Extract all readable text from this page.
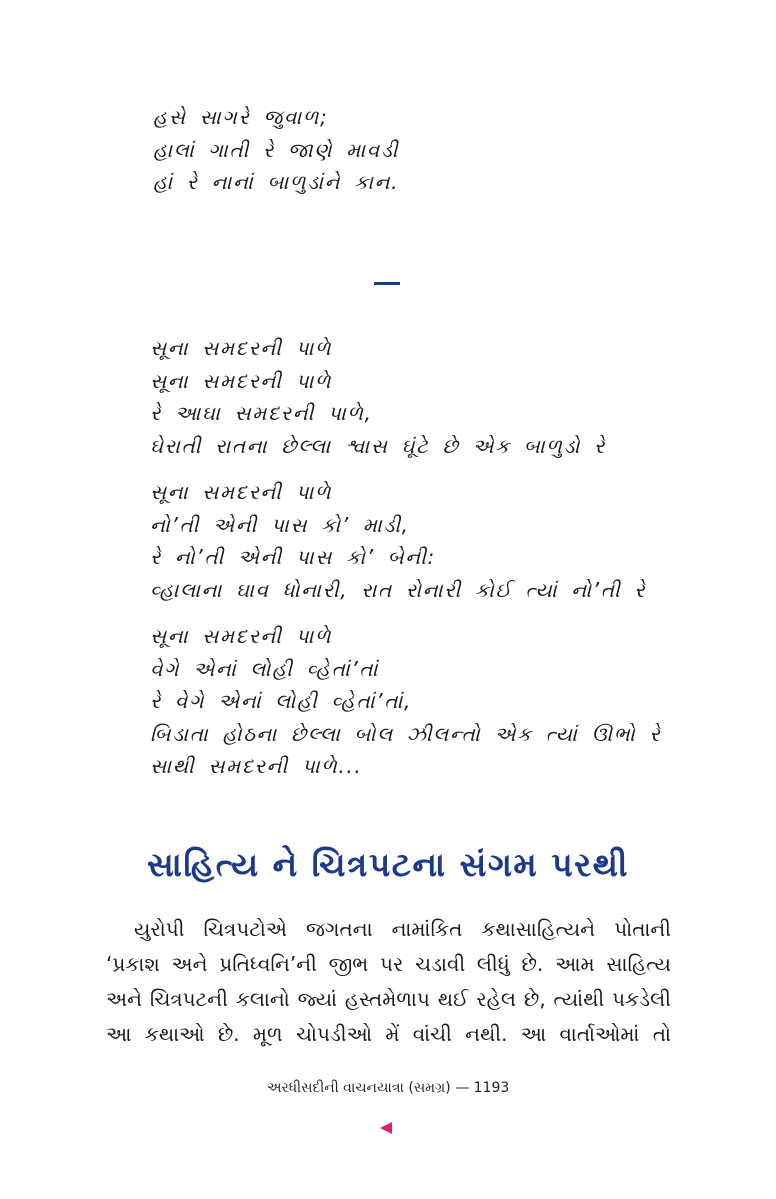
હસે સાગરે જુવાળ;
હાલાં ગાતી રે જાણે માવડી
હાં રે નાનાં બાળુડાંને કાન.
સૂના સમદરની પાળે
સૂના સમદરની પાળે
રે આઘા સમદરની પાળે,
ઘેરાતી રાતના છેલ્લા શ્વાસ ઘૂંટે છે એક બાળુડો રે
સૂના સમદરની પાળે
નો’તી એની પાસ કો’ માડી,
રે નો’તી એની પાસ કો’ બેની:
વ્હાલાના ઘાવ ધોનારી, રાત રોનારી કોઈ ત્યાં નો’તી રે
સૂના સમદરની પાળે
વેગે એનાં લોહી વ્હેતાં’તાં
રે વેગે એનાં લોહી વ્હેતાં’તાં,
બિડાતા હોઠના છેલ્લા બોલ ઝીલન્તો એક ત્યાં ઊભો રે
સાથી સમદરની પાળે...
સાહિત્ય ને ચિત્રપટના સંગમ પરથી
યુરોપી ચિત્રપટોએ જગતના નામાંકિત કથાસાહિત્યને પોતાની
‘પ્રકાશ અને પ્રતિધ્વનિ’ની જીભ પર ચડાવી લીધું છે. આમ સાહિત્ય
અને ચિત્રપટની કલાનો જ્યાં હસ્તમેળાપ થઈ રહેલ છે, ત્યાંથી પકડેલી
આ કથાઓ છે. મૂળ ચોપડીઓ મેં વાંચી નથી. આ વાર્તાઓમાં તો
અરધીસદીની વાચનયાત્રા (સમગ્ર) — 1193
